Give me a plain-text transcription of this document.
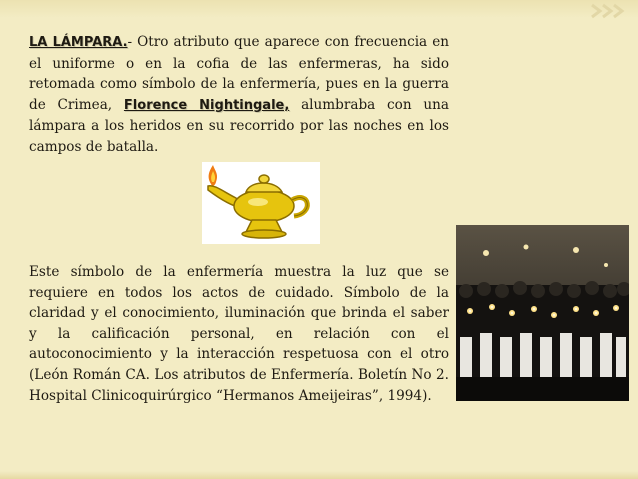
LA LÁMPARA.- Otro atributo que aparece con frecuencia en el uniforme o en la cofia de las enfermeras, ha sido retomada como símbolo de la enfermería, pues en la guerra de Crimea, Florence Nightingale, alumbraba con una lámpara a los heridos en su recorrido por las noches en los campos de batalla.

Este símbolo de la enfermería muestra la luz que se requiere en todos los actos de cuidado. Símbolo de la claridad y el conocimiento, iluminación que brinda el saber y la calificación personal, en relación con el autoconocimiento y la interacción respetuosa con el otro (León Román CA. Los atributos de Enfermería. Boletín No 2. Hospital Clinicoquirúrgico “Hermanos Ameijeiras”, 1994).
